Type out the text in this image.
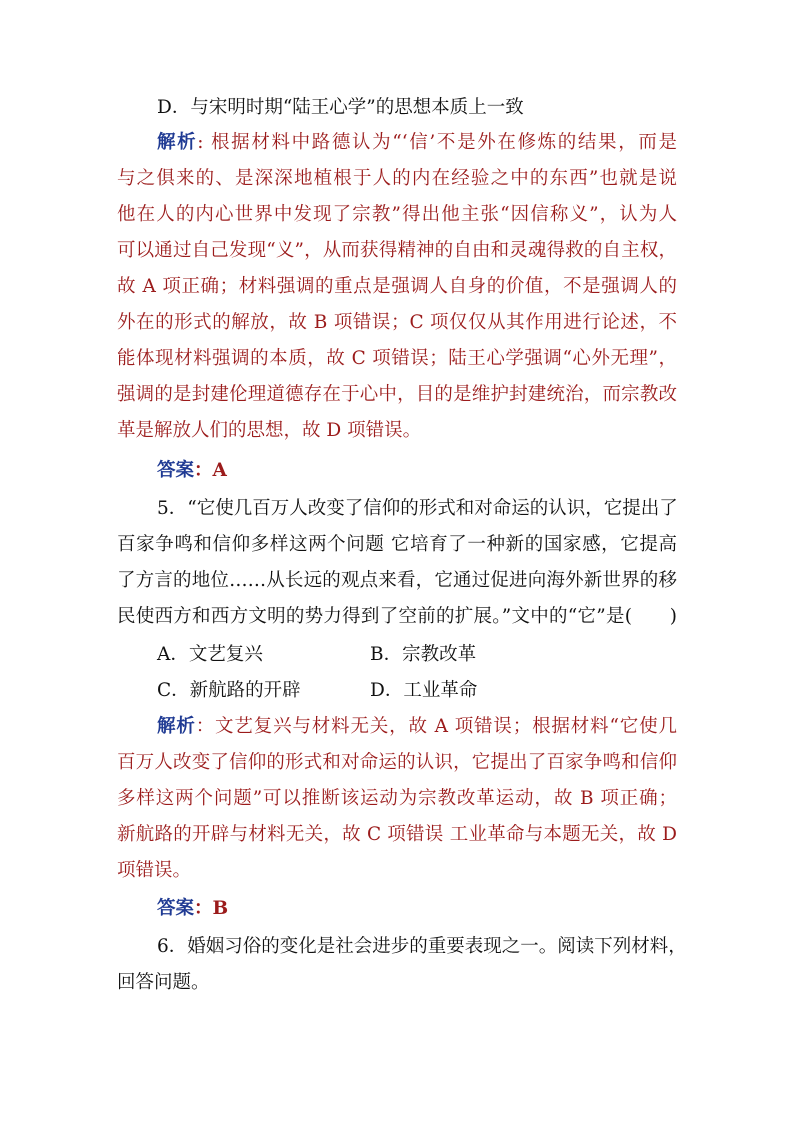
D．与宋明时期“陆王心学”的思想本质上一致
解析: 根据材料中路德认为“‘信’不是外在修炼的结果，而是
与之俱来的、是深深地植根于人的内在经验之中的东西”也就是说
他在人的内心世界中发现了宗教”得出他主张“因信称义”，认为人
可以通过自己发现“义”，从而获得精神的自由和灵魂得救的自主权，
故 A 项正确；材料强调的重点是强调人自身的价值，不是强调人的
外在的形式的解放，故 B 项错误；C 项仅仅从其作用进行论述，不
能体现材料强调的本质，故 C 项错误；陆王心学强调“心外无理”，
强调的是封建伦理道德存在于心中，目的是维护封建统治，而宗教改
革是解放人们的思想，故 D 项错误。
答案：A
5．“它使几百万人改变了信仰的形式和对命运的认识，它提出了
百家争鸣和信仰多样这两个问题 它培育了一种新的国家感，它提高
了方言的地位……从长远的观点来看，它通过促进向海外新世界的移
民使西方和西方文明的势力得到了空前的扩展。”文中的“它”是(　　)
A．文艺复兴	B．宗教改革
C．新航路的开辟	D．工业革命
解析：文艺复兴与材料无关，故 A 项错误；根据材料“它使几
百万人改变了信仰的形式和对命运的认识，它提出了百家争鸣和信仰
多样这两个问题”可以推断该运动为宗教改革运动，故 B 项正确；
新航路的开辟与材料无关，故 C 项错误 工业革命与本题无关，故 D
项错误。
答案：B
6．婚姻习俗的变化是社会进步的重要表现之一。阅读下列材料，
回答问题。
